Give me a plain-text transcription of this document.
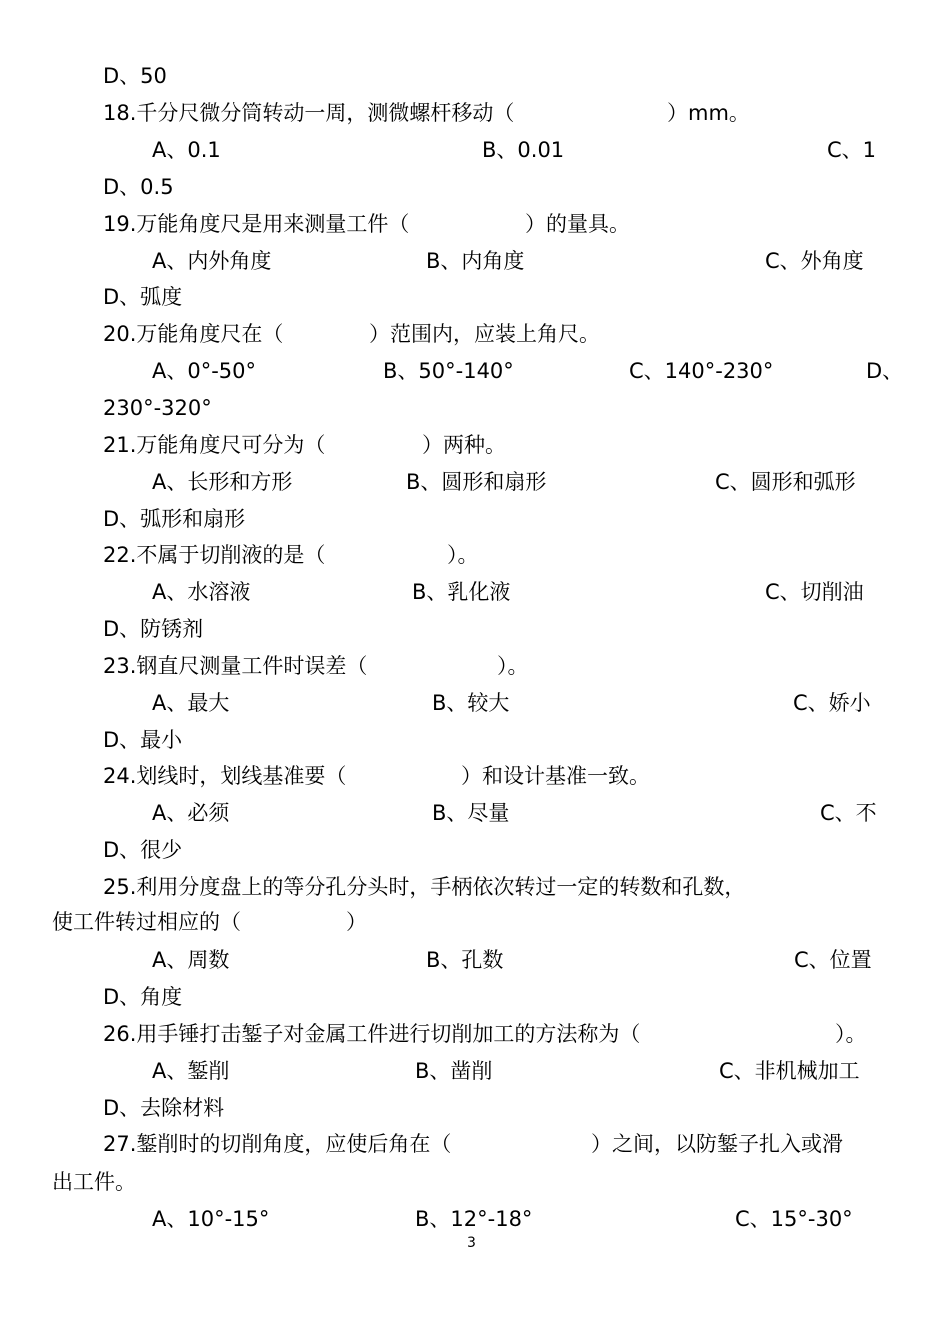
D、50
18.千分尺微分筒转动一周，测微螺杆移动（	）mm。
A、0.1	B、0.01	C、1
D、0.5
19.万能角度尺是用来测量工件（	）的量具。
A、内外角度	B、内角度	C、外角度
D、弧度
20.万能角度尺在（	）范围内，应装上角尺。
A、0°-50°	B、50°-140°	C、140°-230°	D、
230°-320°
21.万能角度尺可分为（	）两种。
A、长形和方形	B、圆形和扇形	C、圆形和弧形
D、弧形和扇形
22.不属于切削液的是（	）。
A、水溶液	B、乳化液	C、切削油
D、防锈剂
23.钢直尺测量工件时误差（	）。
A、最大	B、较大	C、娇小
D、最小
24.划线时，划线基准要（	）和设计基准一致。
A、必须	B、尽量	C、不
D、很少
25.利用分度盘上的等分孔分头时，手柄依次转过一定的转数和孔数，
使工件转过相应的（	）
A、周数	B、孔数	C、位置
D、角度
26.用手锤打击錾子对金属工件进行切削加工的方法称为（	）。
A、錾削	B、凿削	C、非机械加工
D、去除材料
27.錾削时的切削角度，应使后角在（	）之间，以防錾子扎入或滑
出工件。
A、10°-15°	B、12°-18°	C、15°-30°
3
